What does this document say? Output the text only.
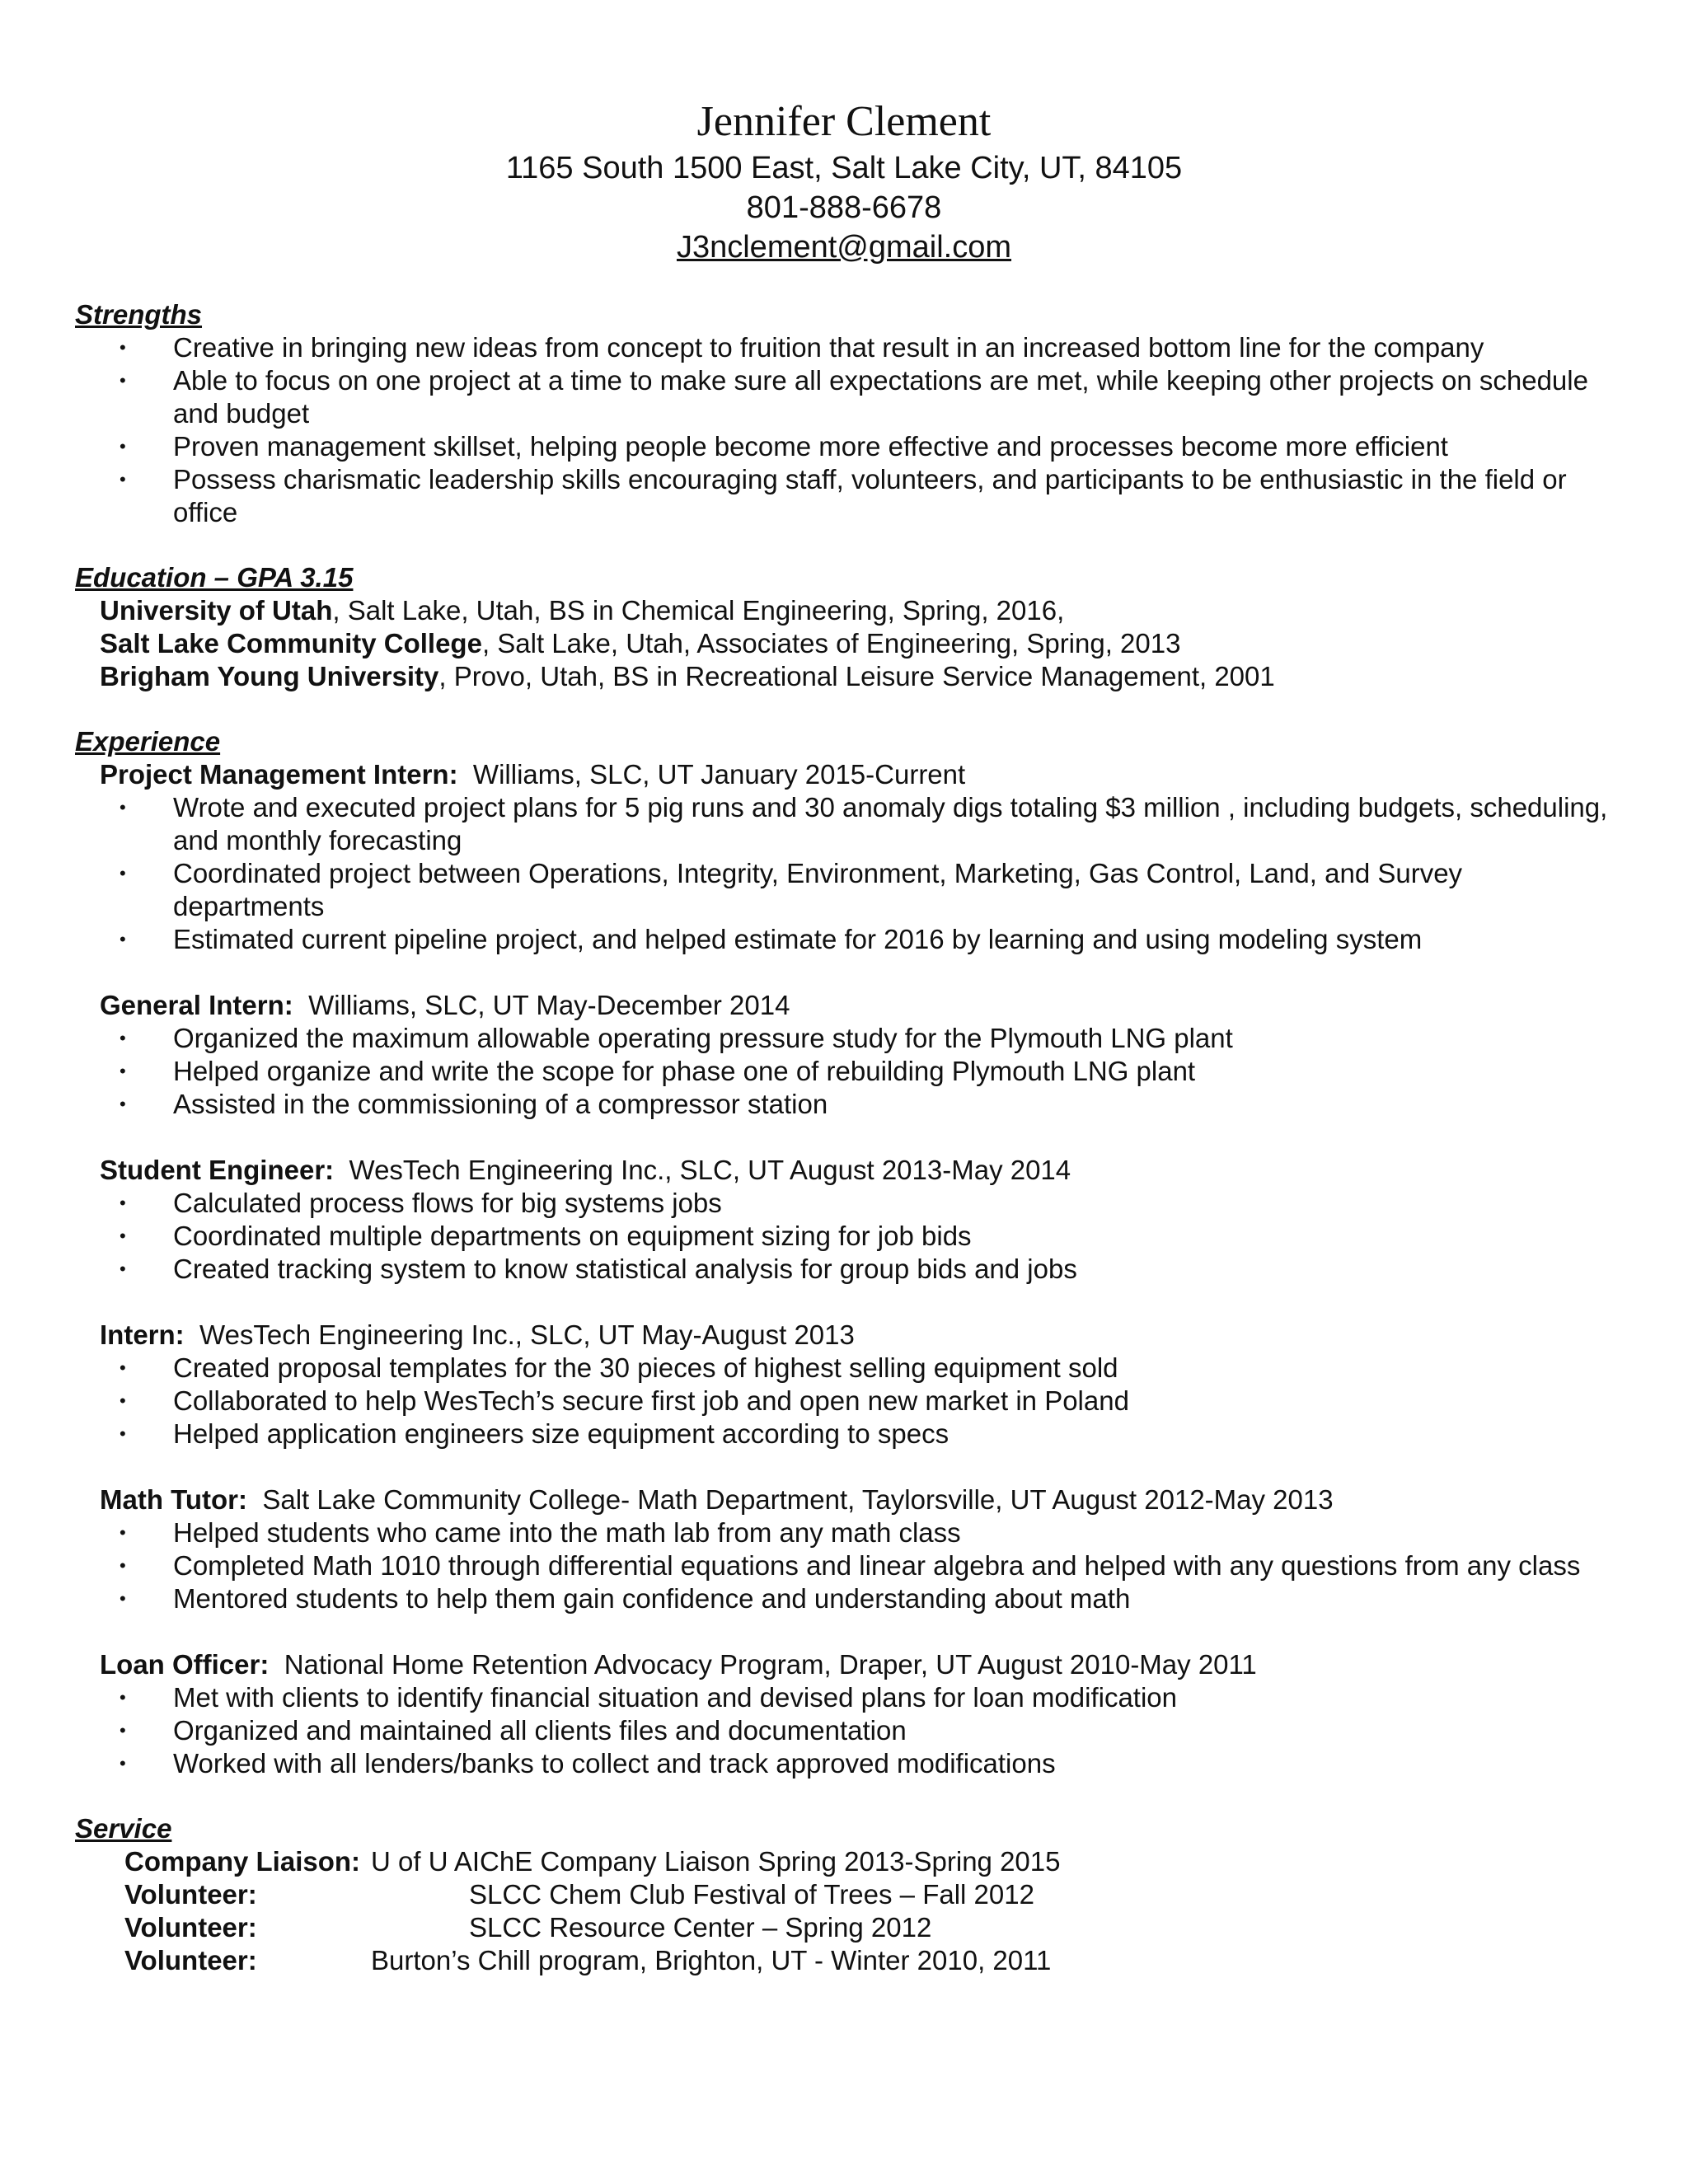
Jennifer Clement
1165 South 1500 East, Salt Lake City, UT, 84105
801-888-6678
J3nclement@gmail.com
Strengths
• Creative in bringing new ideas from concept to fruition that result in an increased bottom line for the company
• Able to focus on one project at a time to make sure all expectations are met, while keeping other projects on schedule and budget
• Proven management skillset, helping people become more effective and processes become more efficient
• Possess charismatic leadership skills encouraging staff, volunteers, and participants to be enthusiastic in the field or office
Education – GPA 3.15
University of Utah, Salt Lake, Utah, BS in Chemical Engineering, Spring, 2016,
Salt Lake Community College, Salt Lake, Utah, Associates of Engineering, Spring, 2013
Brigham Young University, Provo, Utah, BS in Recreational Leisure Service Management, 2001
Experience
Project Management Intern: Williams, SLC, UT January 2015-Current
• Wrote and executed project plans for 5 pig runs and 30 anomaly digs totaling $3 million , including budgets, scheduling, and monthly forecasting
• Coordinated project between Operations, Integrity, Environment, Marketing, Gas Control, Land, and Survey departments
• Estimated current pipeline project, and helped estimate for 2016 by learning and using modeling system
General Intern: Williams, SLC, UT May-December 2014
• Organized the maximum allowable operating pressure study for the Plymouth LNG plant
• Helped organize and write the scope for phase one of rebuilding Plymouth LNG plant
• Assisted in the commissioning of a compressor station
Student Engineer: WesTech Engineering Inc., SLC, UT August 2013-May 2014
• Calculated process flows for big systems jobs
• Coordinated multiple departments on equipment sizing for job bids
• Created tracking system to know statistical analysis for group bids and jobs
Intern: WesTech Engineering Inc., SLC, UT May-August 2013
• Created proposal templates for the 30 pieces of highest selling equipment sold
• Collaborated to help WesTech’s secure first job and open new market in Poland
• Helped application engineers size equipment according to specs
Math Tutor: Salt Lake Community College- Math Department, Taylorsville, UT August 2012-May 2013
• Helped students who came into the math lab from any math class
• Completed Math 1010 through differential equations and linear algebra and helped with any questions from any class
• Mentored students to help them gain confidence and understanding about math
Loan Officer: National Home Retention Advocacy Program, Draper, UT August 2010-May 2011
• Met with clients to identify financial situation and devised plans for loan modification
• Organized and maintained all clients files and documentation
• Worked with all lenders/banks to collect and track approved modifications
Service
Company Liaison: U of U AIChE Company Liaison Spring 2013-Spring 2015
Volunteer:	SLCC Chem Club Festival of Trees – Fall 2012
Volunteer:	SLCC Resource Center – Spring 2012
Volunteer:	Burton’s Chill program, Brighton, UT - Winter 2010, 2011
